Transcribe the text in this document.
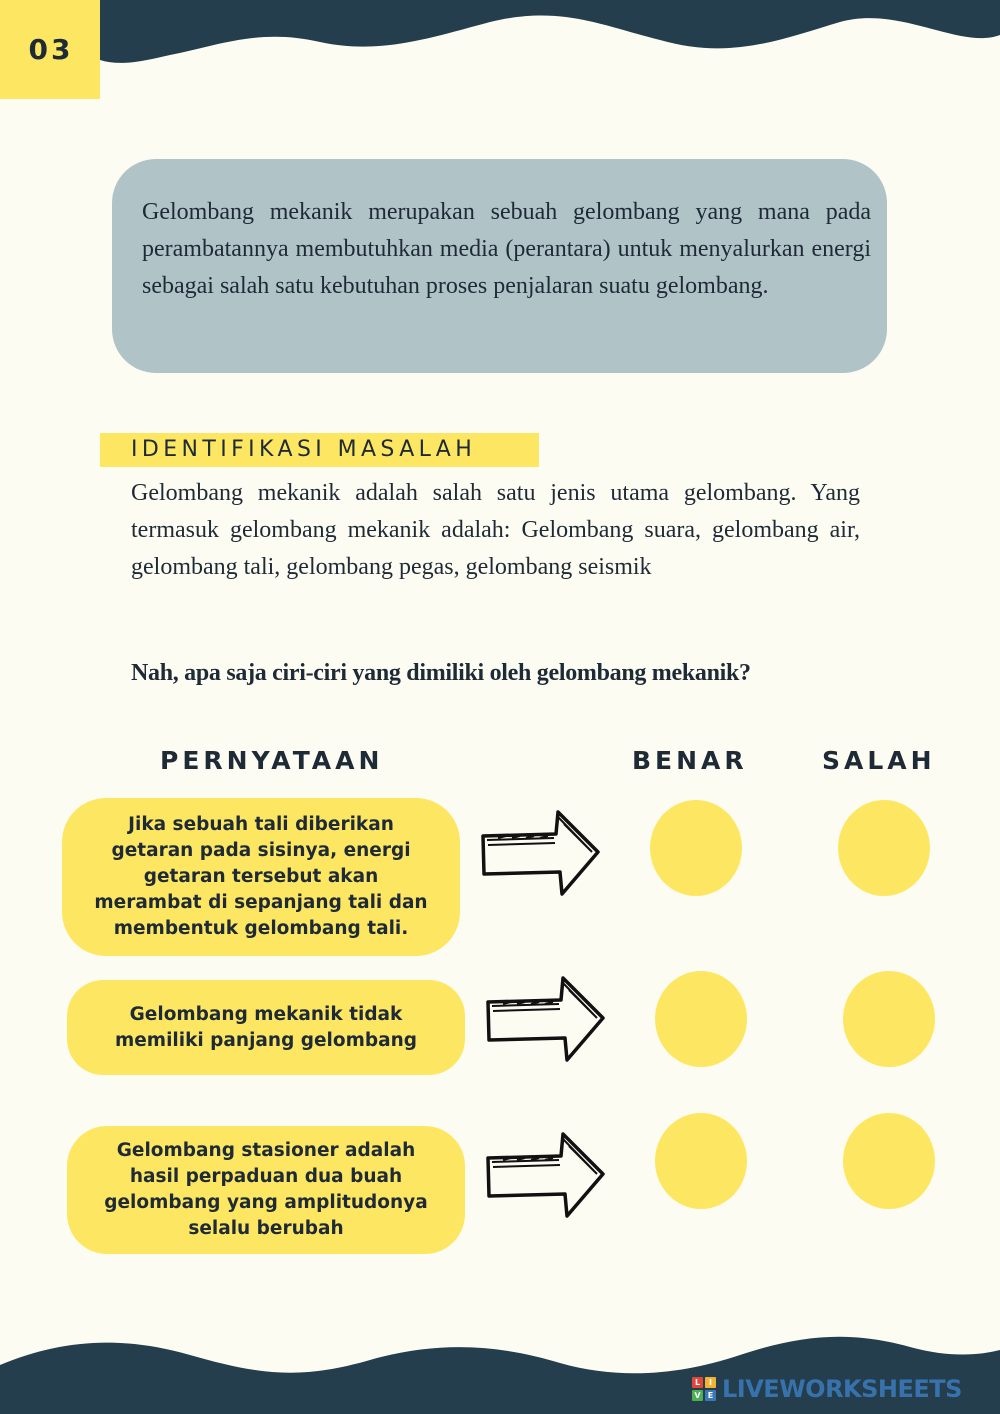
03

Gelombang mekanik merupakan sebuah gelombang yang mana pada perambatannya membutuhkan media (perantara) untuk menyalurkan energi sebagai salah satu kebutuhan proses penjalaran suatu gelombang.

IDENTIFIKASI MASALAH

Gelombang mekanik adalah salah satu jenis utama gelombang. Yang termasuk gelombang mekanik adalah: Gelombang suara, gelombang air, gelombang tali, gelombang pegas, gelombang seismik

Nah, apa saja ciri-ciri yang dimiliki oleh gelombang mekanik?

PERNYATAAN	BENAR	SALAH
Jika sebuah tali diberikan getaran pada sisinya, energi getaran tersebut akan merambat di sepanjang tali dan membentuk gelombang tali.
Gelombang mekanik tidak memiliki panjang gelombang
Gelombang stasioner adalah hasil perpaduan dua buah gelombang yang amplitudonya selalu berubah
L	I
V E LIVEWORKSHEETS
